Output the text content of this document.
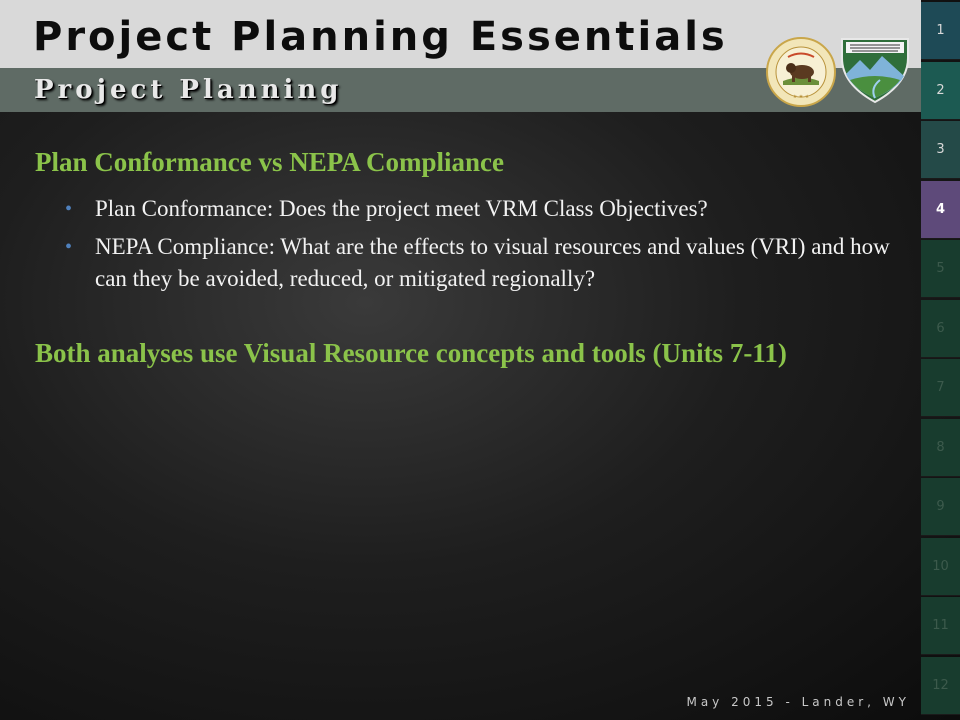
Project Planning Essentials
Project Planning	★ ★ ★
Plan Conformance vs NEPA Compliance
• Plan Conformance: Does the project meet VRM Class Objectives?
• NEPA Compliance: What are the effects to visual resources and values (VRI) and how can they be avoided, reduced, or mitigated regionally?
Both analyses use Visual Resource concepts and tools (Units 7-11)
1
2
3
4
5
6
7
8
9
10
11
12
May 2015 - Lander, WY
